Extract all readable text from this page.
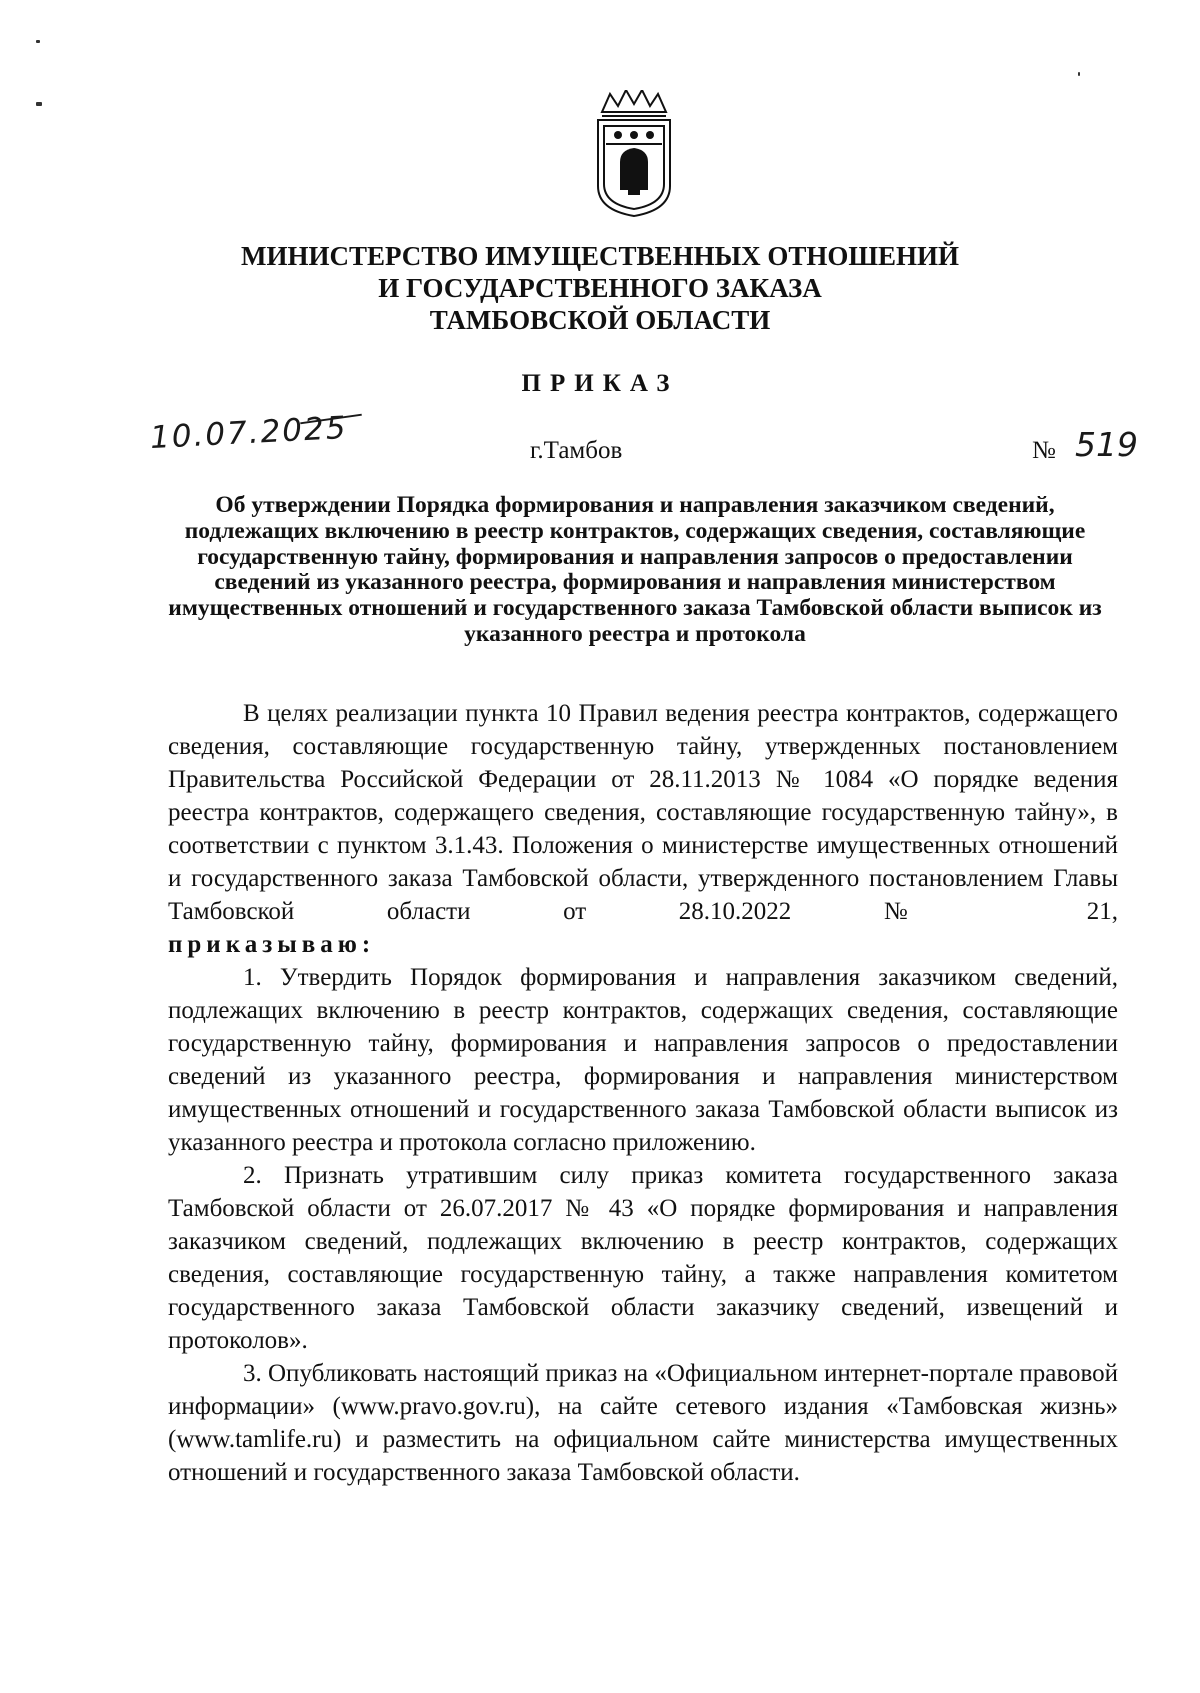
МИНИСТЕРСТВО ИМУЩЕСТВЕННЫХ ОТНОШЕНИЙ
И ГОСУДАРСТВЕННОГО ЗАКАЗА
ТАМБОВСКОЙ ОБЛАСТИ
ПРИКАЗ
10.07.2025	г.Тамбов	№ 519
Об утверждении Порядка формирования и направления заказчиком сведений, подлежащих включению в реестр контрактов, содержащих сведения, составляющие государственную тайну, формирования и направления запросов о предоставлении сведений из указанного реестра, формирования и направления министерством имущественных отношений и государственного заказа Тамбовской области выписок из указанного реестра и протокола

В целях реализации пункта 10 Правил ведения реестра контрактов, содержащего сведения, составляющие государственную тайну, утвержденных постановлением Правительства Российской Федерации от 28.11.2013 № 1084 «О порядке ведения реестра контрактов, содержащего сведения, составляющие государственную тайну», в соответствии с пунктом 3.1.43. Положения о министерстве имущественных отношений и государственного заказа Тамбовской области, утвержденного постановлением Главы Тамбовской области от 28.10.2022 № 21,

приказываю:

1. Утвердить Порядок формирования и направления заказчиком сведений, подлежащих включению в реестр контрактов, содержащих сведения, составляющие государственную тайну, формирования и направления запросов о предоставлении сведений из указанного реестра, формирования и направления министерством имущественных отношений и государственного заказа Тамбовской области выписок из указанного реестра и протокола согласно приложению.

2. Признать утратившим силу приказ комитета государственного заказа Тамбовской области от 26.07.2017 № 43 «О порядке формирования и направления заказчиком сведений, подлежащих включению в реестр контрактов, содержащих сведения, составляющие государственную тайну, а также направления комитетом государственного заказа Тамбовской области заказчику сведений, извещений и протоколов».

3. Опубликовать настоящий приказ на «Официальном интернет-портале правовой информации» (www.pravo.gov.ru), на сайте сетевого издания «Тамбовская жизнь» (www.tamlife.ru) и разместить на официальном сайте министерства имущественных отношений и государственного заказа Тамбовской области.
